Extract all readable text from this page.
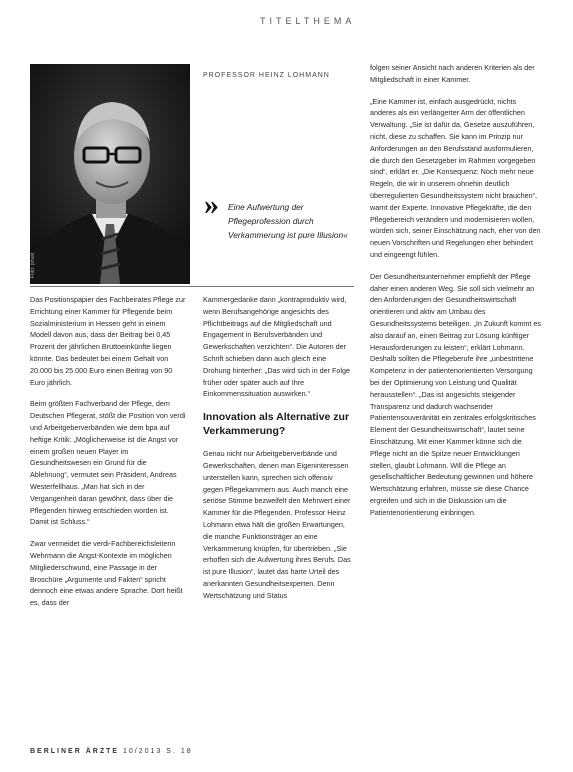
TITELTHEMA
Foto: privat
PROFESSOR HEINZ LOHMANN
» Eine Aufwertung der Pflegeprofession durch Verkammerung ist pure Illusion«

Das Positionspapier des Fachbeirates Pflege zur Errichtung einer Kammer für Pflegende beim Sozialministerium in Hessen geht in einem Modell davon aus, dass der Beitrag bei 0,45 Prozent der jährlichen Bruttoeinkünfte liegen könnte. Das bedeutet bei einem Gehalt von 20.000 bis 25.000 Euro einen Beitrag von 90 Euro jährlich.

Beim größten Fachverband der Pflege, dem Deutschen Pflegerat, stößt die Position von verdi und Arbeitgeberverbänden wie dem bpa auf heftige Kritik: „Möglicherweise ist die Angst vor einem großen neuen Player im Gesundheitswesen ein Grund für die Ablehnung“, vermutet sein Präsident, Andreas Westerfellhaus. „Man hat sich in der Vergangenheit daran gewöhnt, dass über die Pflegenden hinweg entschieden worden ist. Damit ist Schluss.“

Zwar vermeidet die verdi-Fachbereichsleiterin Wehrmann die Angst-Kontexte im möglichen Mitgliederschwund, eine Passage in der Broschüre „Argumente und Fakten“ spricht dennoch eine etwas andere Sprache. Dort heißt es, dass der

Kammergedanke dann „kontraproduktiv wird, wenn Berufsangehörige angesichts des Pflichtbeitrags auf die Mitgliedschaft und Engagement in Berufsverbänden und Gewerkschaften verzichten“. Die Autoren der Schrift schieben dann auch gleich eine Drohung hinterher: „Das wird sich in der Folge früher oder später auch auf Ihre Einkommenssituation auswirken.“

Innovation als Alternative zur Verkammerung?

Genau nicht nur Arbeitgeberverbände und Gewerkschaften, denen man Eigeninteressen unterstellen kann, sprechen sich offensiv gegen Pflegekammern aus. Auch manch eine seriöse Stimme bezweifelt den Mehrwert einer Kammer für die Pflegenden. Professor Heinz Lohmann etwa hält die großen Erwartungen, die manche Funktionsträger an eine Verkammerung knüpfen, für übertrieben. „Sie erhoffen sich die Aufwertung ihres Berufs. Das ist pure Illusion“, lautet das harte Urteil des anerkannten Gesundheitsexperten. Denn Wertschätzung und Status

folgen seiner Ansicht nach anderen Kriterien als der Mitgliedschaft in einer Kammer.

„Eine Kammer ist, einfach ausgedrückt, nichts anderes als ein verlängerter Arm der öffentlichen Verwaltung. „Sie ist dafür da, Gesetze auszuführen, nicht, diese zu schaffen. Sie kann im Prinzip nur Anforderungen an den Berufsstand ausformulieren, die durch den Gesetzgeber im Rahmen vorgegeben sind“, erklärt er. „Die Konsequenz: Noch mehr neue Regeln, die wir in unserem ohnehin deutlich überregulierten Gesundheitssystem nicht brauchen“, warnt der Experte. Innovative Pflegekräfte, die den Pflegebereich verändern und modernisieren wollen, würden sich, seiner Einschätzung nach, eher von den neuen Vorschriften und Regelungen eher behindert und eingeengt fühlen.

Der Gesundheitsunternehmer empfiehlt der Pflege daher einen anderen Weg. Sie soll sich vielmehr an den Anforderungen der Gesundheitswirtschaft orientieren und aktiv am Umbau des Gesundheitssystems beteiligen. „In Zukunft kommt es also darauf an, einen Beitrag zur Lösung künftiger Herausforderungen zu leisten“, erklärt Lohmann. Deshalb sollten die Pflegeberufe ihre „unbestrittene Kompetenz in der patientenorientierten Versorgung bei der Optimierung von Leistung und Qualität herausstellen“. „Das ist angesichts steigender Transparenz und dadurch wachsender Patientensouveränität ein zentrales erfolgskritisches Element der Gesundheitswirtschaft“, lautet seine Einschätzung. Mit einer Kammer könne sich die Pflege nicht an die Spitze neuer Entwicklungen stellen, glaubt Lohmann. Will die Pflege an gesellschaftlicher Bedeutung gewinnen und höhere Wertschätzung erfahren, müsse sie diese Chance ergreifen und sich in die Diskussion um die Patientenorientierung einbringen.

BERLINER ÄRZTE 10/2013 S. 18
